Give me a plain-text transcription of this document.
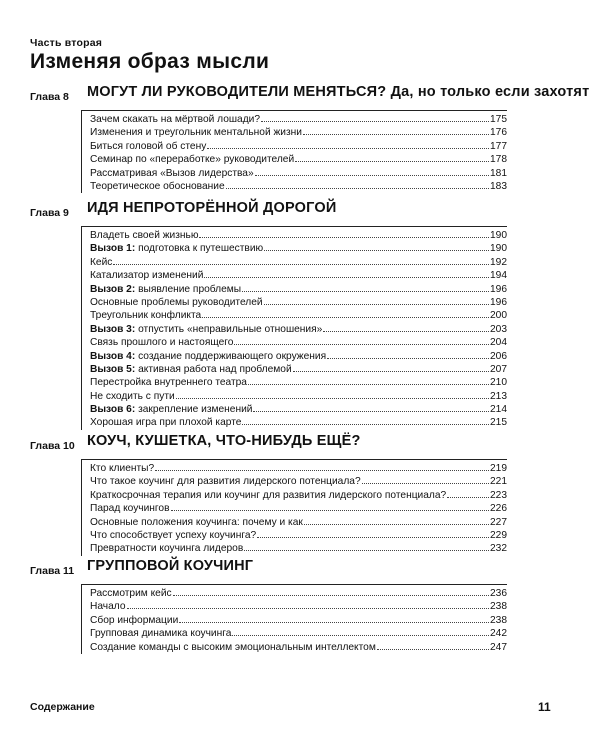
Часть вторая
Изменяя образ мысли
Глава 8 МОГУТ ЛИ РУКОВОДИТЕЛИ МЕНЯТЬСЯ? Да, но только если захотят
Зачем скакать на мёртвой лошади?	175
Изменения и треугольник ментальной жизни	176
Биться головой об стену	177
Семинар по «переработке» руководителей	178
Рассматривая «Вызов лидерства»	181
Теоретическое обоснование	183
Глава 9 ИДЯ НЕПРОТОРЁННОЙ ДОРОГОЙ
Владеть своей жизнью	190
Вызов 1: подготовка к путешествию	190
Кейс	192
Катализатор изменений	194
Вызов 2: выявление проблемы	196
Основные проблемы руководителей	196
Треугольник конфликта	200
Вызов 3: отпустить «неправильные отношения»	203
Связь прошлого и настоящего	204
Вызов 4: создание поддерживающего окружения	206
Вызов 5: активная работа над проблемой	207
Перестройка внутреннего театра	210
Не сходить с пути	213
Вызов 6: закрепление изменений	214
Хорошая игра при плохой карте	215
Глава 10 КОУЧ, КУШЕТКА, ЧТО-НИБУДЬ ЕЩЁ?
Кто клиенты?	219
Что такое коучинг для развития лидерского потенциала?	221
Краткосрочная терапия или коучинг для развития лидерского потенциала?	223
Парад коучингов	226
Основные положения коучинга: почему и как	227
Что способствует успеху коучинга?	229
Превратности коучинга лидеров	232
Глава 11 ГРУППОВОЙ КОУЧИНГ
Рассмотрим кейс	236
Начало	238
Сбор информации	238
Групповая динамика коучинга	242
Создание команды с высоким эмоциональным интеллектом	247
Содержание	11
